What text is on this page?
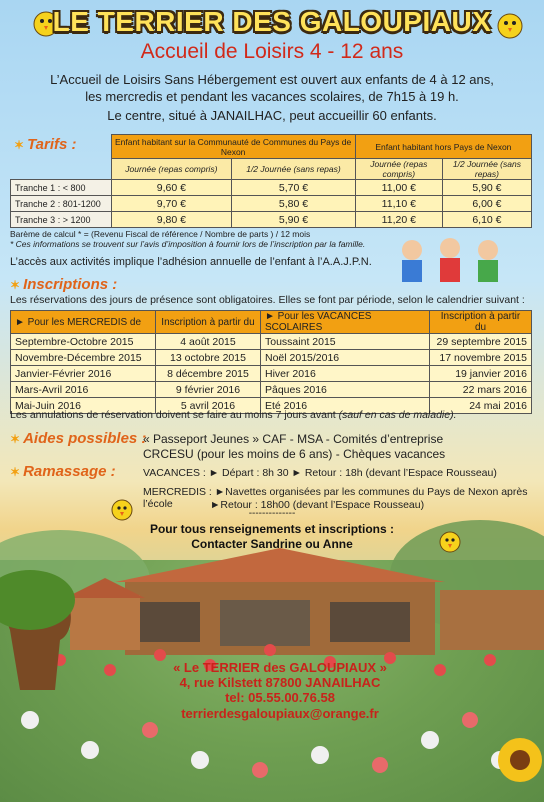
LE TERRIER DES GALOUPIAUX
Accueil de Loisirs 4 - 12 ans
L’Accueil de Loisirs Sans Hébergement est ouvert aux enfants de 4 à 12 ans,
les mercredis et pendant les vacances scolaires, de 7h15 à 19 h.
Le centre, situé à JANAILHAC, peut accueillir 60 enfants.
✶ Tarifs :
		Enfant habitant sur la Communauté de Communes du Pays de Nexon		Enfant habitant hors Pays de Nexon	
	Journée (repas compris)	1/2 Journée (sans repas)	Journée (repas compris)	1/2 Journée (sans repas)
Tranche 1 : < 800	9,60 €	5,70 €	11,00 €	5,90 €
Tranche 2 : 801-1200	9,70 €	5,80 €	11,10 €	6,00 €
Tranche 3 : > 1200	9,80 €	5,90 €	11,20 €	6,10 €
Barème de calcul * = (Revenu Fiscal de référence / Nombre de parts ) / 12 mois
* Ces informations se trouvent sur l’avis d’imposition à fournir lors de l’inscription par la famille.
L’accès aux activités implique l’adhésion annuelle de l’enfant à l’A.A.J.P.N.
✶ Inscriptions :
Les réservations des jours de présence sont obligatoires. Elles se font par période, selon le calendrier suivant :
► Pour les MERCREDIS de	Inscription à partir du	► Pour les VACANCES SCOLAIRES	Inscription à partir du
Septembre-Octobre 2015	4 août 2015	Toussaint 2015	29 septembre 2015
Novembre-Décembre 2015	13 octobre 2015	Noël 2015/2016	17 novembre 2015
Janvier-Février 2016	8 décembre 2015	Hiver 2016	19 janvier 2016
Mars-Avril 2016	9 février 2016	Pâques 2016	22 mars 2016
Mai-Juin 2016	5 avril 2016	Eté 2016	24 mai 2016
Les annulations de réservation doivent se faire au moins 7 jours avant (sauf en cas de maladie).
✶ Aides possibles :
« Passeport Jeunes » CAF - MSA - Comités d’entreprise
CRCESU (pour les moins de 6 ans) - Chèques vacances
✶ Ramassage :	VACANCES : ► Départ : 8h 30 ► Retour : 18h (devant l’Espace Rousseau)
MERCREDIS : ►Navettes organisées par les communes du Pays de Nexon après l’école	►Retour : 18h00 (devant l’Espace Rousseau)
--------------
Pour tous renseignements et inscriptions :
Contacter Sandrine ou Anne
« Le TERRIER des GALOUPIAUX »
4, rue Kilstett 87800 JANAILHAC
tel: 05.55.00.76.58
terrierdesgaloupiaux@orange.fr
